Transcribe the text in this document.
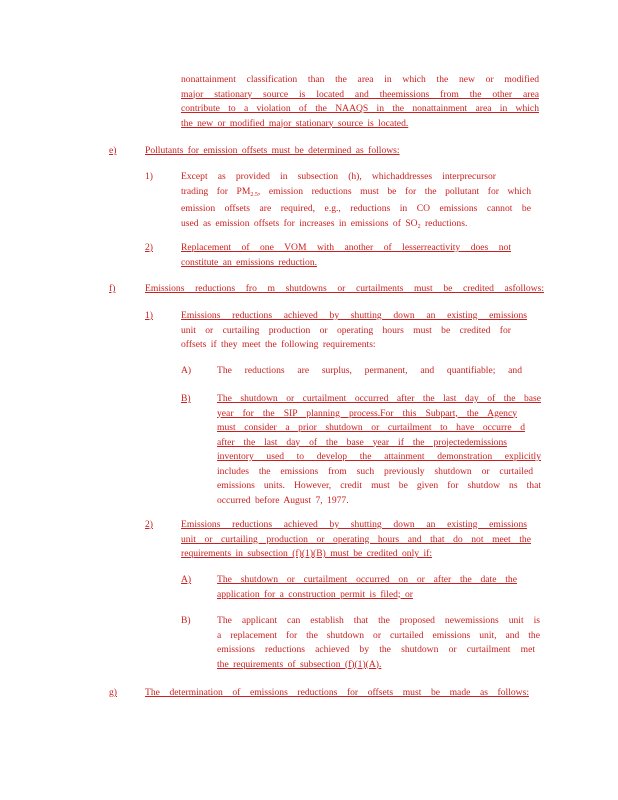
nonattainment classification than the area in which the new or modified
major stationary source is located and theemissions from the other area
contribute to a violation of the NAAQS in the nonattainment area in which
the new or modified major stationary source is located.
e)	Pollutants for emission offsets must be determined as follows:
1)	Except as provided in subsection (h), whichaddresses interprecursor
trading for $PM_{2.5}$, emission reductions must be for the pollutant for which
emission offsets are required, e.g., reductions in CO emissions cannot be
used as emission offsets for increases in emissions of $SO_2$ reductions.
2)	Replacement of one VOM with another of lesserreactivity does not
constitute an emissions reduction.
f)	Emissions reductions fro m shutdowns or curtailments must be credited asfollows:
1)	Emissions reductions achieved by shutting down an existing emissions
unit or curtailing production or operating hours must be credited for
offsets if they meet the following requirements:
A)	The reductions are surplus, permanent, and quantifiable; and
B)	The shutdown or curtailment occurred after the last day of the base
year for the SIP planning process.For this Subpart, the Agency
must consider a prior shutdown or curtailment to have occurre d
after the last day of the base year if the projectedemissions
inventory used to develop the attainment demonstration explicitly
includes the emissions from such previously shutdown or curtailed
emissions units. However, credit must be given for shutdow ns that
occurred before August 7, 1977.
2)	Emissions reductions achieved by shutting down an existing emissions
unit or curtailing production or operating hours and that do not meet the
requirements in subsection (f)(1)(B) must be credited only if:
A)	The shutdown or curtailment occurred on or after the date the
application for a construction permit is filed; or
B)	The applicant can establish that the proposed newemissions unit is
a replacement for the shutdown or curtailed emissions unit, and the
emissions reductions achieved by the shutdown or curtailment met
the requirements of subsection (f)(1)(A).
g)	The determination of emissions reductions for offsets must be made as follows:
